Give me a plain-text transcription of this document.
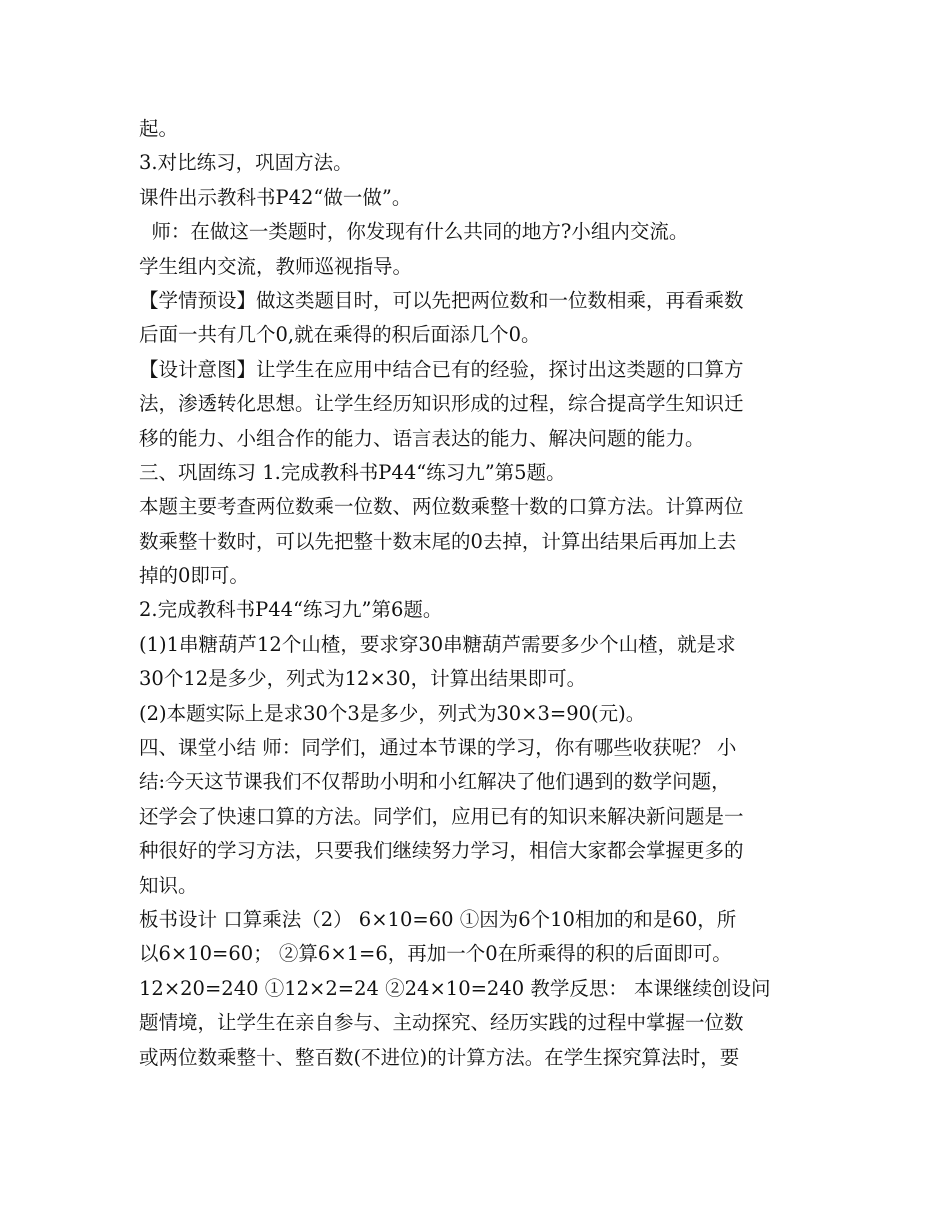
起。
3.对比练习，巩固方法。
课件出示教科书P42“做一做”。
师：在做这一类题时，你发现有什么共同的地方?小组内交流。
学生组内交流，教师巡视指导。
【学情预设】做这类题目时，可以先把两位数和一位数相乘，再看乘数
后面一共有几个0,就在乘得的积后面添几个0。
【设计意图】让学生在应用中结合已有的经验，探讨出这类题的口算方
法，渗透转化思想。让学生经历知识形成的过程，综合提高学生知识迁
移的能力、小组合作的能力、语言表达的能力、解决问题的能力。
三、巩固练习 1.完成教科书P44“练习九”第5题。
本题主要考查两位数乘一位数、两位数乘整十数的口算方法。计算两位
数乘整十数时，可以先把整十数末尾的0去掉，计算出结果后再加上去
掉的0即可。
2.完成教科书P44“练习九”第6题。
(1)1串糖葫芦12个山楂，要求穿30串糖葫芦需要多少个山楂，就是求
30个12是多少，列式为12×30，计算出结果即可。
(2)本题实际上是求30个3是多少，列式为30×3=90(元)。
四、课堂小结 师：同学们，通过本节课的学习，你有哪些收获呢？ 小
结:今天这节课我们不仅帮助小明和小红解决了他们遇到的数学问题，
还学会了快速口算的方法。同学们，应用已有的知识来解决新问题是一
种很好的学习方法，只要我们继续努力学习，相信大家都会掌握更多的
知识。
板书设计 口算乘法（2） 6×10=60 ①因为6个10相加的和是60，所
以6×10=60； ②算6×1=6，再加一个0在所乘得的积的后面即可。
12×20=240 ①12×2=24 ②24×10=240 教学反思： 本课继续创设问
题情境，让学生在亲自参与、主动探究、经历实践的过程中掌握一位数
或两位数乘整十、整百数(不进位)的计算方法。在学生探究算法时，要
